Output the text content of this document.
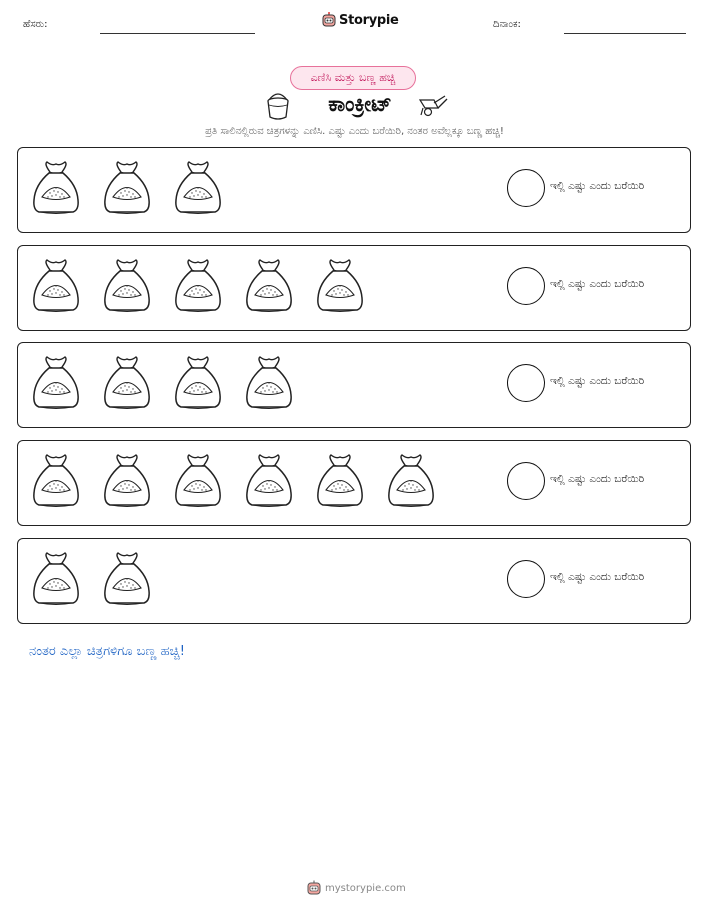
ಹೆಸರು:	Storypie	ದಿನಾಂಕ:
ಎಣಿಸಿ ಮತ್ತು ಬಣ್ಣ ಹಚ್ಚಿ
ಕಾಂಕ್ರೀಟ್
ಪ್ರತಿ ಸಾಲಿನಲ್ಲಿರುವ ಚಿತ್ರಗಳನ್ನು ಎಣಿಸಿ. ಎಷ್ಟು ಎಂದು ಬರೆಯಿರಿ, ನಂತರ ಅವೆಲ್ಲಕ್ಕೂ ಬಣ್ಣ ಹಚ್ಚಿ!
ಇಲ್ಲಿ ಎಷ್ಟು ಎಂದು ಬರೆಯಿರಿ
ಇಲ್ಲಿ ಎಷ್ಟು ಎಂದು ಬರೆಯಿರಿ
ಇಲ್ಲಿ ಎಷ್ಟು ಎಂದು ಬರೆಯಿರಿ
ಇಲ್ಲಿ ಎಷ್ಟು ಎಂದು ಬರೆಯಿರಿ
ಇಲ್ಲಿ ಎಷ್ಟು ಎಂದು ಬರೆಯಿರಿ
ನಂತರ ಎಲ್ಲಾ ಚಿತ್ರಗಳಿಗೂ ಬಣ್ಣ ಹಚ್ಚಿ!
mystorypie.com
